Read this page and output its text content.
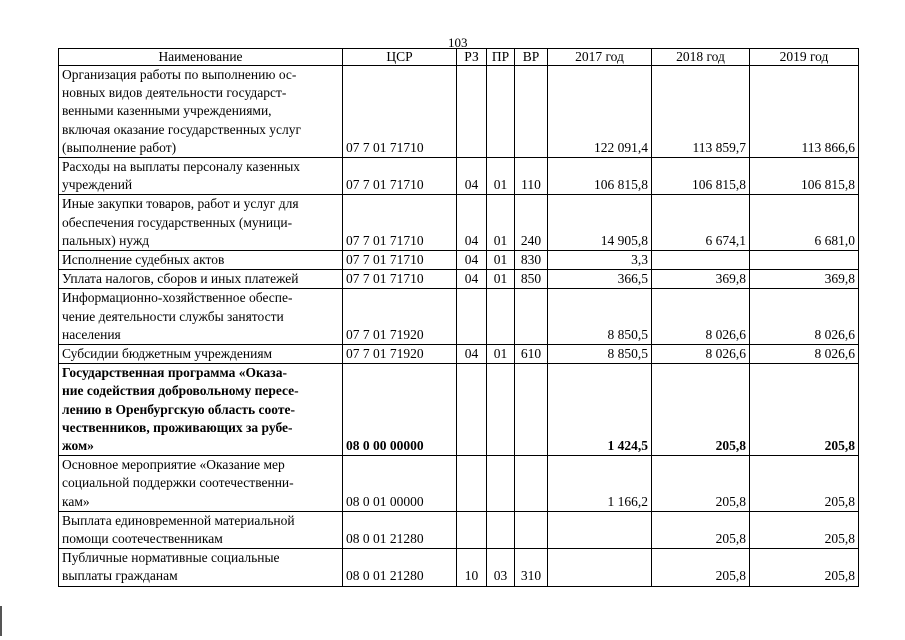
103
Наименование	ЦСР	РЗ	ПР	ВР	2017 год	2018 год	2019 год

Организация работы по выполнению ос-
новных видов деятельности государст-
венными казенными учреждениями,
включая оказание государственных услуг
(выполнение работ)	07 7 01 71710				122 091,4	113 859,7	113 866,6

Расходы на выплаты персоналу казенных
учреждений	07 7 01 71710	04	01	110	106 815,8	106 815,8	106 815,8

Иные закупки товаров, работ и услуг для
обеспечения государственных (муници-
пальных) нужд	07 7 01 71710	04	01	240	14 905,8	6 674,1	6 681,0

Исполнение судебных актов	07 7 01 71710	04	01	830	3,3		

Уплата налогов, сборов и иных платежей	07 7 01 71710	04	01	850	366,5	369,8	369,8

Информационно-хозяйственное обеспе-
чение деятельности службы занятости
населения	07 7 01 71920				8 850,5	8 026,6	8 026,6

Субсидии бюджетным учреждениям	07 7 01 71920	04	01	610	8 850,5	8 026,6	8 026,6

Государственная программа «Оказа-
ние содействия добровольному пересе-
лению в Оренбургскую область сооте-
чественников, проживающих за рубе-
жом»	08 0 00 00000				1 424,5	205,8	205,8

Основное мероприятие «Оказание мер
социальной поддержки соотечественни-
кам»	08 0 01 00000				1 166,2	205,8	205,8

Выплата единовременной материальной
помощи соотечественникам	08 0 01 21280					205,8	205,8

Публичные нормативные социальные
выплаты гражданам	08 0 01 21280	10	03	310		205,8	205,8
